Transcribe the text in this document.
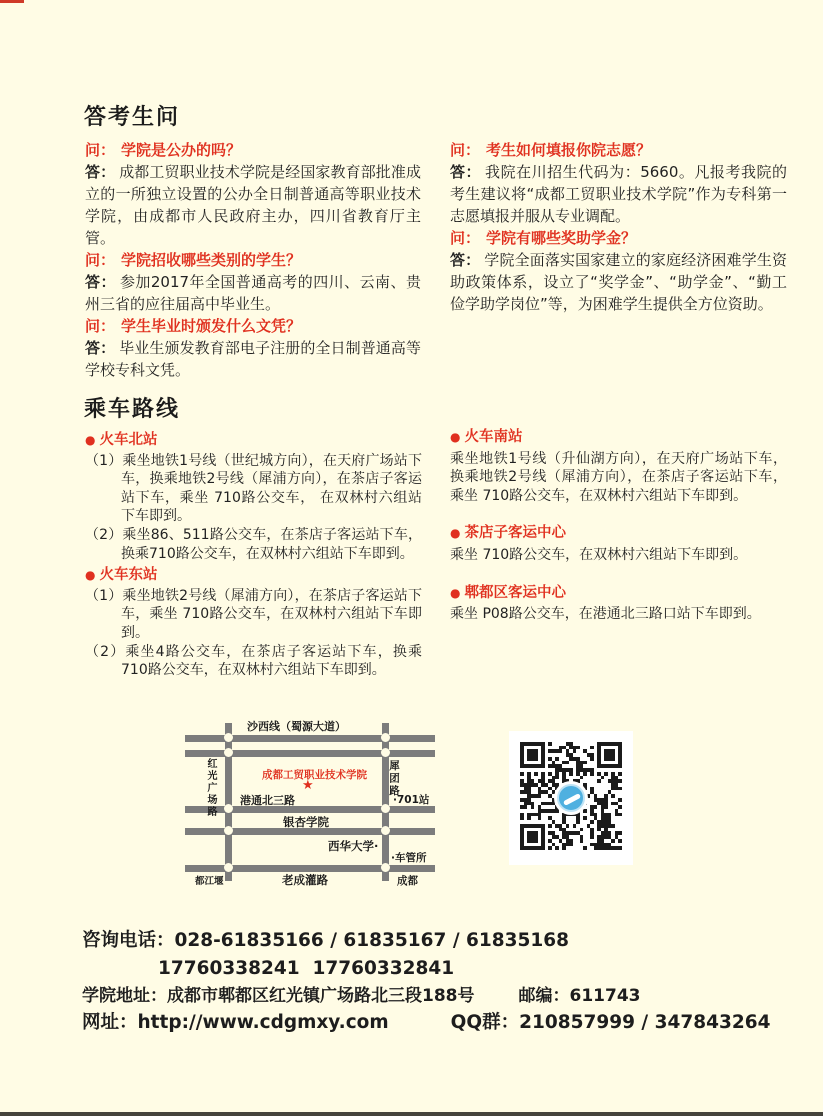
答考生问

问： 学院是公办的吗？

答： 成都工贸职业技术学院是经国家教育部批准成立的一所独立设置的公办全日制普通高等职业技术学院，由成都市人民政府主办，四川省教育厅主管。

问： 学院招收哪些类别的学生？

答： 参加2017年全国普通高考的四川、云南、贵州三省的应往届高中毕业生。

问： 学生毕业时颁发什么文凭？

答： 毕业生颁发教育部电子注册的全日制普通高等学校专科文凭。

问： 考生如何填报你院志愿？

答： 我院在川招生代码为：5660。凡报考我院的考生建议将“成都工贸职业技术学院”作为专科第一志愿填报并服从专业调配。

问： 学院有哪些奖助学金？

答： 学院全面落实国家建立的家庭经济困难学生资助政策体系，设立了“奖学金”、“助学金”、“勤工俭学助学岗位”等，为困难学生提供全方位资助。

乘车路线

● 火车北站

（1）乘坐地铁1号线（世纪城方向），在天府广场站下车，换乘地铁2号线（犀浦方向），在茶店子客运站下车，乘坐 710路公交车， 在双林村六组站下车即到。

（2）乘坐86、511路公交车，在茶店子客运站下车，换乘710路公交车，在双林村六组站下车即到。

● 火车东站

（1）乘坐地铁2号线（犀浦方向），在茶店子客运站下车，乘坐 710路公交车，在双林村六组站下车即到。

（2）乘坐4路公交车，在茶店子客运站下车，换乘710路公交车，在双林村六组站下车即到。

● 火车南站

乘坐地铁1号线（升仙湖方向），在天府广场站下车，换乘地铁2号线（犀浦方向），在茶店子客运站下车，乘坐 710路公交车，在双林村六组站下车即到。

● 茶店子客运中心

乘坐 710路公交车，在双林村六组站下车即到。

● 郫都区客运中心

乘坐 P08路公交车，在港通北三路口站下车即到。

沙西线（蜀源大道）
红光广场路	犀团路
成都工贸职业技术学院
★
港通北三路	·701站
银杏学院
西华大学·
·车管所
都江堰	老成灌路	成都

咨询电话：028-61835166 / 61835167 / 61835168

17760338241  17760332841

学院地址：成都市郫都区红光镇广场路北三段188号	邮编：611743

网址：http://www.cdgmxy.com	QQ群：210857999 / 347843264
